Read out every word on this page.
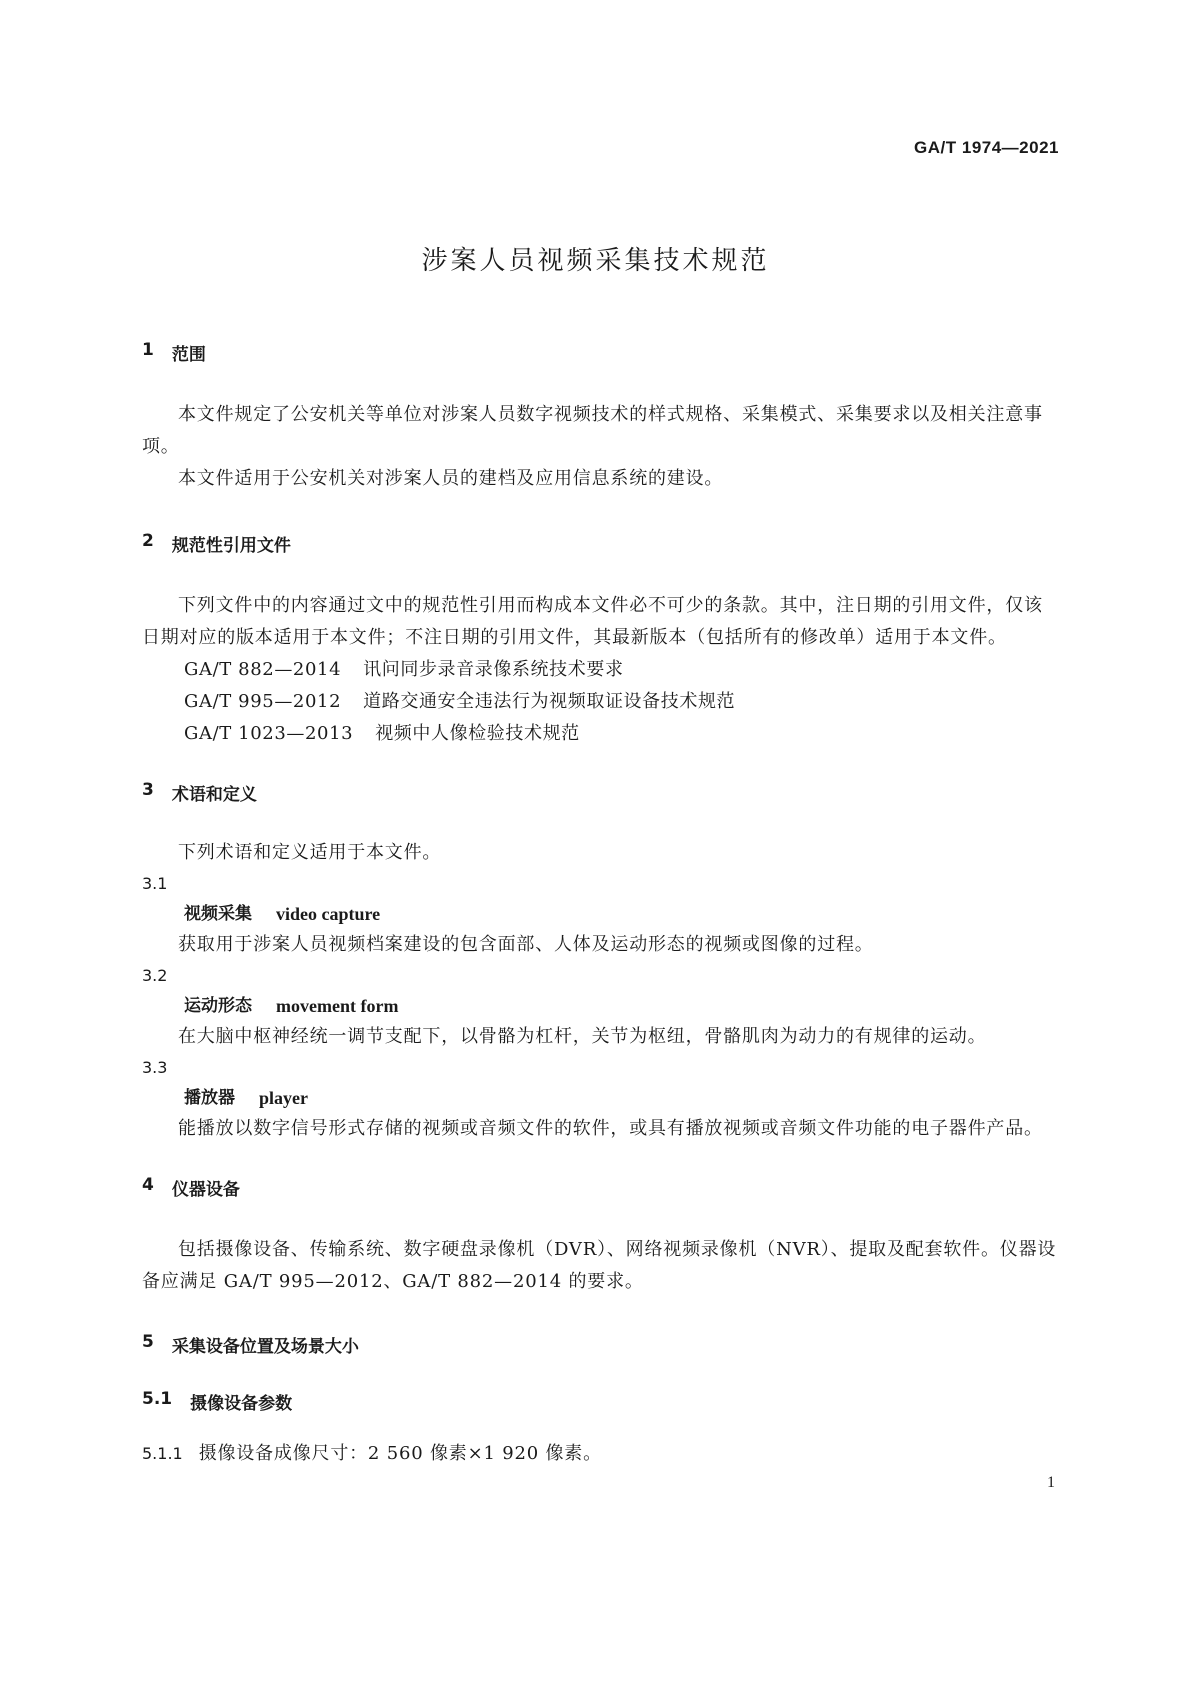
GA/T 1974—2021
涉案人员视频采集技术规范
1 范围

本文件规定了公安机关等单位对涉案人员数字视频技术的样式规格、采集模式、采集要求以及相关注意事项。

本文件适用于公安机关对涉案人员的建档及应用信息系统的建设。

2 规范性引用文件

下列文件中的内容通过文中的规范性引用而构成本文件必不可少的条款。其中，注日期的引用文件，仅该日期对应的版本适用于本文件；不注日期的引用文件，其最新版本（包括所有的修改单）适用于本文件。

GA/T 882—2014 讯问同步录音录像系统技术要求

GA/T 995—2012 道路交通安全违法行为视频取证设备技术规范

GA/T 1023—2013 视频中人像检验技术规范

3 术语和定义

下列术语和定义适用于本文件。

3.1

视频采集 video capture

获取用于涉案人员视频档案建设的包含面部、人体及运动形态的视频或图像的过程。

3.2

运动形态 movement form

在大脑中枢神经统一调节支配下，以骨骼为杠杆，关节为枢纽，骨骼肌肉为动力的有规律的运动。

3.3

播放器 player

能播放以数字信号形式存储的视频或音频文件的软件，或具有播放视频或音频文件功能的电子器件产品。

4 仪器设备

包括摄像设备、传输系统、数字硬盘录像机（DVR）、网络视频录像机（NVR）、提取及配套软件。仪器设备应满足 GA/T 995—2012、GA/T 882—2014 的要求。

5 采集设备位置及场景大小
5.1 摄像设备参数
5.1.1 摄像设备成像尺寸：2 560 像素×1 920 像素。
1
